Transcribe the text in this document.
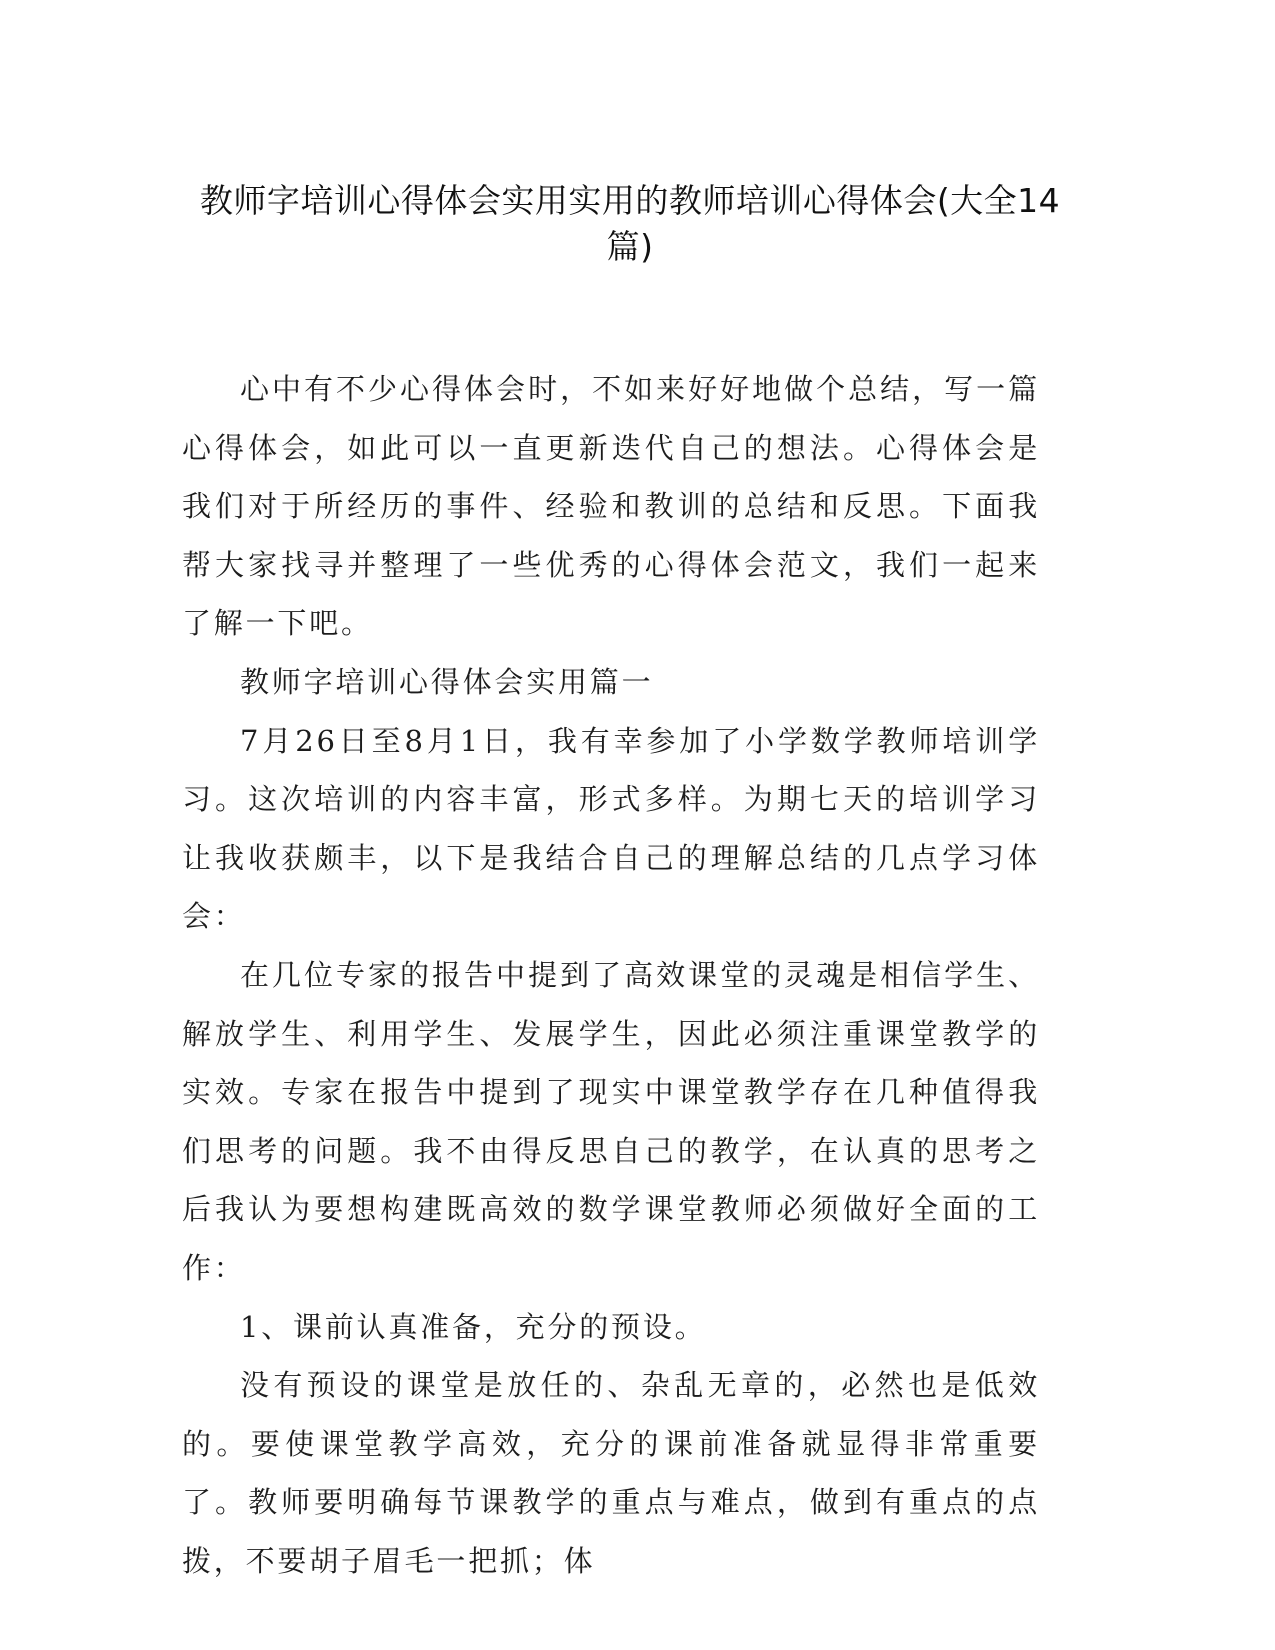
教师字培训心得体会实用实用的教师培训心得体会(大全14篇)

心中有不少心得体会时，不如来好好地做个总结，写一篇心得体会，如此可以一直更新迭代自己的想法。心得体会是我们对于所经历的事件、经验和教训的总结和反思。下面我帮大家找寻并整理了一些优秀的心得体会范文，我们一起来了解一下吧。

教师字培训心得体会实用篇一

7月26日至8月1日，我有幸参加了小学数学教师培训学习。这次培训的内容丰富，形式多样。为期七天的培训学习让我收获颇丰，以下是我结合自己的理解总结的几点学习体会：

在几位专家的报告中提到了高效课堂的灵魂是相信学生、解放学生、利用学生、发展学生，因此必须注重课堂教学的实效。专家在报告中提到了现实中课堂教学存在几种值得我们思考的问题。我不由得反思自己的教学，在认真的思考之后我认为要想构建既高效的数学课堂教师必须做好全面的工作：

1、课前认真准备，充分的预设。

没有预设的课堂是放任的、杂乱无章的，必然也是低效的。要使课堂教学高效，充分的课前准备就显得非常重要了。教师要明确每节课教学的重点与难点，做到有重点的点拨，不要胡子眉毛一把抓；体
